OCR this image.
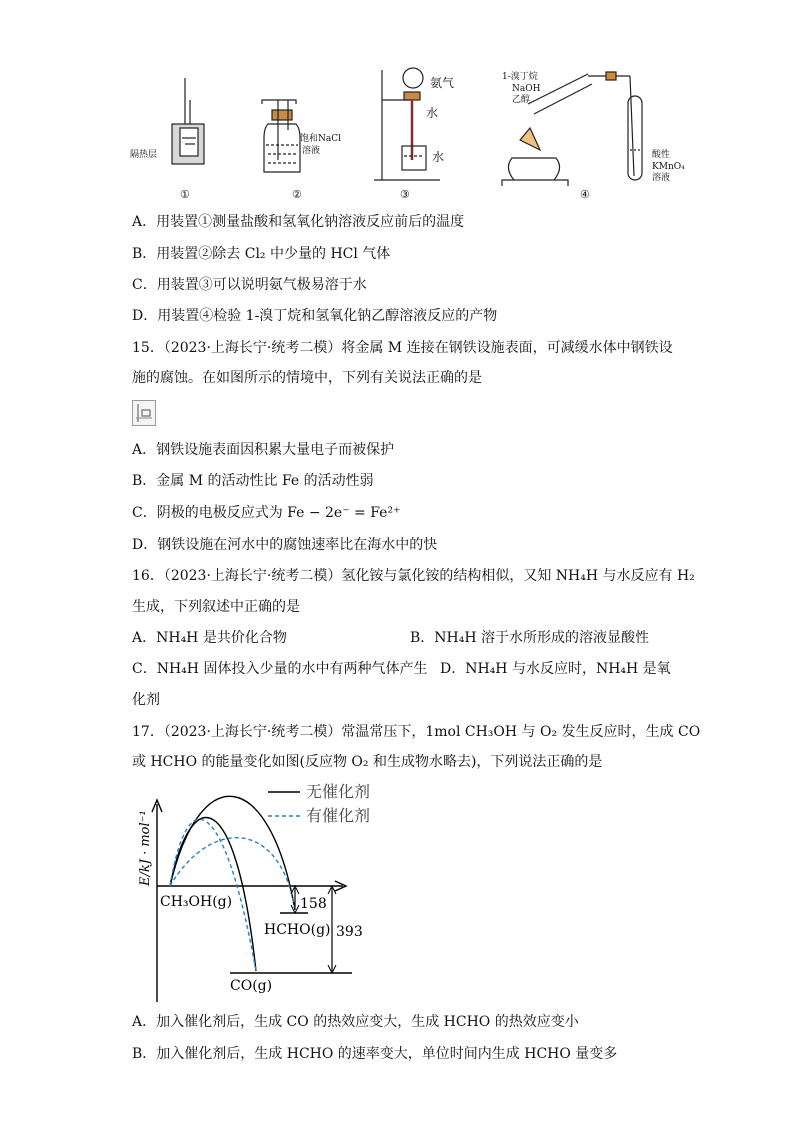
隔热层
饱和NaCl
溶液
氨气
水
水
1-溴丁烷
NaOH
乙醇
酸性
KMnO₄
溶液
①	②	③	④
A．用装置①测量盐酸和氢氧化钠溶液反应前后的温度
B．用装置②除去 Cl₂ 中少量的 HCl 气体
C．用装置③可以说明氨气极易溶于水
D．用装置④检验 1-溴丁烷和氢氧化钠乙醇溶液反应的产物
15．（2023·上海长宁·统考二模）将金属 M 连接在钢铁设施表面，可减缓水体中钢铁设
施的腐蚀。在如图所示的情境中，下列有关说法正确的是
A．钢铁设施表面因积累大量电子而被保护
B．金属 M 的活动性比 Fe 的活动性弱
C．阴极的电极反应式为 Fe − 2e⁻ = Fe²⁺
D．钢铁设施在河水中的腐蚀速率比在海水中的快
16．（2023·上海长宁·统考二模）氢化铵与氯化铵的结构相似，又知 NH₄H 与水反应有 H₂
生成，下列叙述中正确的是
A．NH₄H 是共价化合物	B．NH₄H 溶于水所形成的溶液显酸性
C．NH₄H 固体投入少量的水中有两种气体产生 D．NH₄H 与水反应时，NH₄H 是氧
化剂
17．（2023·上海长宁·统考二模）常温常压下，1mol CH₃OH 与 O₂ 发生反应时，生成 CO
或 HCHO 的能量变化如图(反应物 O₂ 和生成物水略去)，下列说法正确的是
无催化剂
有催化剂
E/kJ · mol⁻¹
CH₃OH(g)
HCHO(g)
CO(g)
158
393
A．加入催化剂后，生成 CO 的热效应变大，生成 HCHO 的热效应变小
B．加入催化剂后，生成 HCHO 的速率变大，单位时间内生成 HCHO 量变多
